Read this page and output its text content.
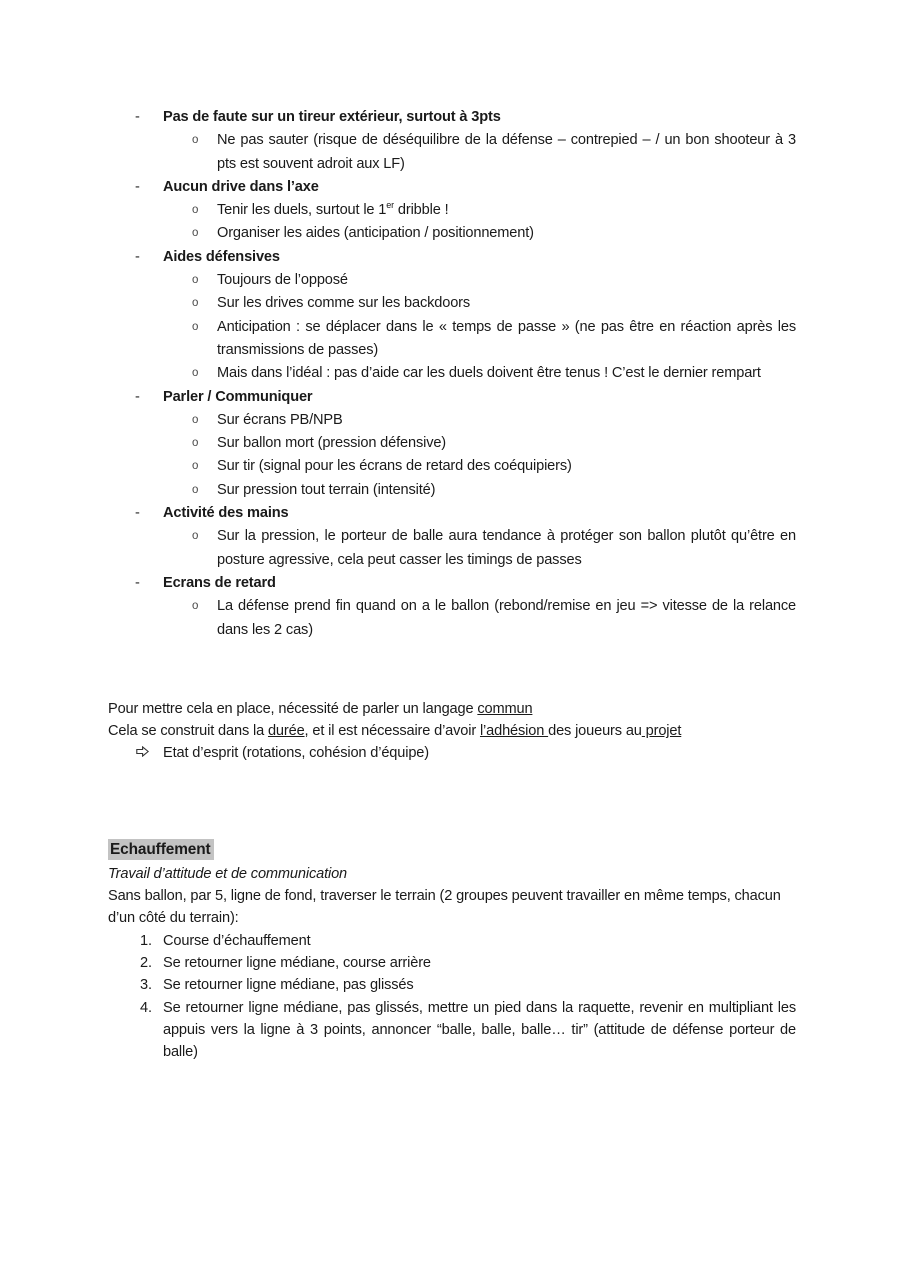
- Pas de faute sur un tireur extérieur, surtout à 3pts
o Ne pas sauter (risque de déséquilibre de la défense – contrepied – / un bon shooteur à 3 pts est souvent adroit aux LF)
- Aucun drive dans l’axe
o Tenir les duels, surtout le 1er dribble !
o Organiser les aides (anticipation / positionnement)
- Aides défensives
o Toujours de l’opposé
o Sur les drives comme sur les backdoors
o Anticipation : se déplacer dans le « temps de passe » (ne pas être en réaction après les transmissions de passes)
o Mais dans l’idéal : pas d’aide car les duels doivent être tenus ! C’est le dernier rempart
- Parler / Communiquer
o Sur écrans PB/NPB
o Sur ballon mort (pression défensive)
o Sur tir (signal pour les écrans de retard des coéquipiers)
o Sur pression tout terrain (intensité)
- Activité des mains
o Sur la pression, le porteur de balle aura tendance à protéger son ballon plutôt qu’être en posture agressive, cela peut casser les timings de passes
- Ecrans de retard
o La défense prend fin quand on a le ballon (rebond/remise en jeu => vitesse de la relance dans les 2 cas)

Pour mettre cela en place, nécessité de parler un langage commun

Cela se construit dans la durée, et il est nécessaire d’avoir l’adhésion des joueurs au projet

Etat d’esprit (rotations, cohésion d’équipe)
Echauffement

Travail d’attitude et de communication

Sans ballon, par 5, ligne de fond, traverser le terrain (2 groupes peuvent travailler en même temps, chacun d’un côté du terrain):

1. Course d’échauffement
2. Se retourner ligne médiane, course arrière
3. Se retourner ligne médiane, pas glissés
4. Se retourner ligne médiane, pas glissés, mettre un pied dans la raquette, revenir en multipliant les appuis vers la ligne à 3 points, annoncer “balle, balle, balle… tir” (attitude de défense porteur de balle)
